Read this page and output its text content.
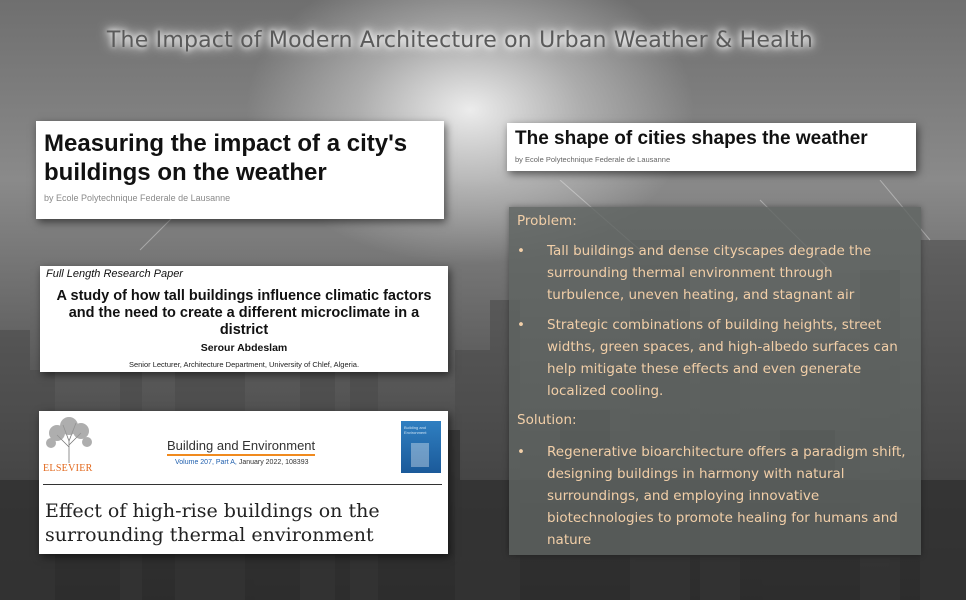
The Impact of Modern Architecture on Urban Weather & Health
Measuring the impact of a city's buildings on the weather
by Ecole Polytechnique Federale de Lausanne
The shape of cities shapes the weather
by Ecole Polytechnique Federale de Lausanne
Full Length Research Paper
A study of how tall buildings influence climatic factors and the need to create a different microclimate in a district
Serour Abdeslam
Senior Lecturer, Architecture Department, University of Chlef, Algeria.
ELSEVIER
Building and Environment
Volume 207, Part A, January 2022, 108393
Building and Environment
Effect of high-rise buildings on the surrounding thermal environment
Problem:
• Tall buildings and dense cityscapes degrade the surrounding thermal environment through turbulence, uneven heating, and stagnant air
• Strategic combinations of building heights, street widths, green spaces, and high-albedo surfaces can help mitigate these effects and even generate localized cooling.
Solution:
• Regenerative bioarchitecture offers a paradigm shift, designing buildings in harmony with natural surroundings, and employing innovative biotechnologies to promote healing for humans and nature
